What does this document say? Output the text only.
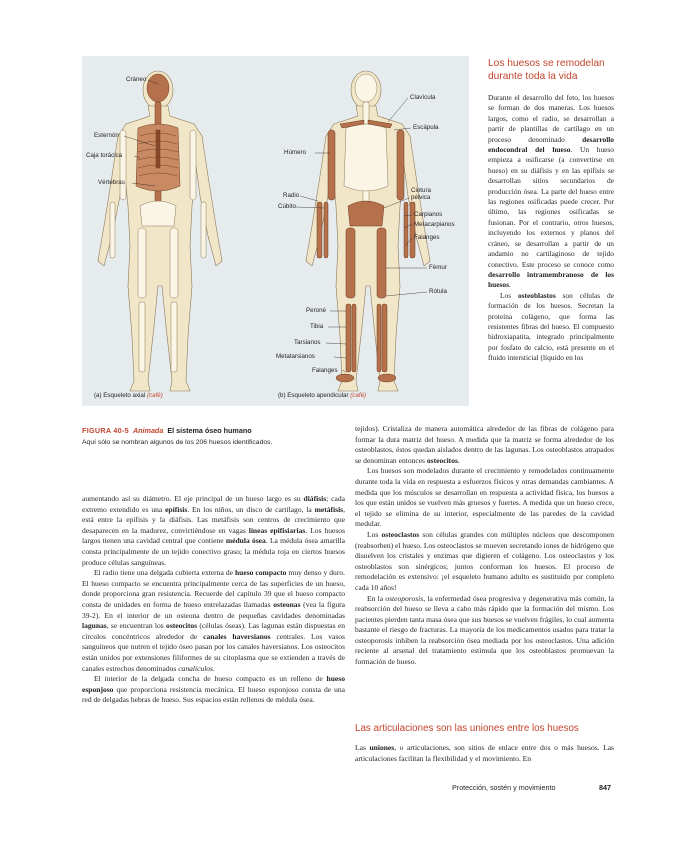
Cráneo
Esternón
Caja torácica
Vértebras
Clavícula
Escápula
Húmero
Radio
Cúbito
Cintura pélvica
Carpianos
Metacarpianos
Falanges
Fémur
Rótula
Peroné
Tibia
Tarsianos
Metatarsianos
Falanges
(a) Esqueleto axial (café)	(b) Esqueleto apendicular (café)
FIGURA 40-5 Animada El sistema óseo humano
Aquí sólo se nombran algunos de los 206 huesos identificados.
Los huesos se remodelan durante toda la vida

Durante el desarrollo del feto, los huesos se forman de dos maneras. Los huesos largos, como el radio, se desarrollan a partir de plantillas de cartílago en un proceso denominado desarrollo endocondral del hueso. Un hueso empieza a osificarse (a convertirse en hueso) en su diáfisis y en las epífisis se desarrollan sitios secundarios de producción ósea. La parte del hueso entre las regiones osificadas puede crecer. Por último, las regiones osificadas se fusionan. Por el contrario, otros huesos, incluyendo los externos y planos del cráneo, se desarrollan a partir de un andamio no cartilaginoso de tejido conectivo. Este proceso se conoce como desarrollo intramembranoso de los huesos.

Los osteoblastos son células de formación de los huesos. Secretan la proteína colágeno, que forma las resistentes fibras del hueso. El compuesto hidroxiapatita, integrado principalmente por fosfato de calcio, está presente en el fluido intersticial (líquido en los

aumentando así su diámetro. El eje principal de un hueso largo es su diáfisis; cada extremo extendido es una epífisis. En los niños, un disco de cartílago, la metáfisis, está entre la epífisis y la diáfisis. Las metáfisis son centros de crecimiento que desaparecen en la madurez, convirtiéndose en vagas líneas epifisiarias. Los huesos largos tienen una cavidad central que contiene médula ósea. La médula ósea amarilla consta principalmente de un tejido conectivo graso; la médula roja en ciertos huesos produce células sanguíneas.

El radio tiene una delgada cubierta externa de hueso compacto muy denso y duro. El hueso compacto se encuentra principalmente cerca de las superficies de un hueso, donde proporciona gran resistencia. Recuerde del capítulo 39 que el hueso compacto consta de unidades en forma de hueso entrelazadas llamadas osteonas (vea la figura 39-2). En el interior de un osteona dentro de pequeñas cavidades denominadas lagunas, se encuentran los osteocitos (células óseas). Las lagunas están dispuestas en círculos concéntricos alrededor de canales haversianos centrales. Los vasos sanguíneos que nutren el tejido óseo pasan por los canales haversianos. Los osteocitos están unidos por extensiones filiformes de su citoplasma que se extienden a través de canales estrechos denominados canalículos.

El interior de la delgada concha de hueso compacto es un relleno de hueso esponjoso que proporciona resistencia mecánica. El hueso esponjoso consta de una red de delgadas hebras de hueso. Sus espacios están rellenos de médula ósea.

tejidos). Cristaliza de manera automática alrededor de las fibras de colágeno para formar la dura matriz del hueso. A medida que la matriz se forma alrededor de los osteoblastos, éstos quedan aislados dentro de las lagunas. Los osteoblastos atrapados se denominan entonces osteocitos.

Los huesos son modelados durante el crecimiento y remodelados continuamente durante toda la vida en respuesta a esfuerzos físicos y otras demandas cambiantes. A medida que los músculos se desarrollan en respuesta a actividad física, los huesos a los que están unidos se vuelven más gruesos y fuertes. A medida que un hueso crece, el tejido se elimina de su interior, especialmente de las paredes de la cavidad medular.

Los osteoclastos son células grandes con múltiples núcleos que descomponen (reabsorben) el hueso. Los osteoclastos se mueven secretando iones de hidrógeno que disuelven los cristales y enzimas que digieren el colágeno. Los osteoclastos y los osteoblastos son sinérgicos; juntos conforman los huesos. El proceso de remodelación es extensivo: ¡el esqueleto humano adulto es sustituido por completo cada 10 años!

En la osteoporosis, la enfermedad ósea progresiva y degenerativa más común, la reabsorción del hueso se lleva a cabo más rápido que la formación del mismo. Los pacientes pierden tanta masa ósea que sus huesos se vuelven frágiles, lo cual aumenta bastante el riesgo de fracturas. La mayoría de los medicamentos usados para tratar la osteoporosis inhiben la reabsorción ósea mediada por los osteoclastos. Una adición reciente al arsenal del tratamiento estimula que los osteoblastos promuevan la formación de hueso.

Las articulaciones son las uniones entre los huesos

Las uniones, o articulaciones, son sitios de enlace entre dos o más huesos. Las articulaciones facilitan la flexibilidad y el movimiento. En

Protección, sostén y movimiento	847
